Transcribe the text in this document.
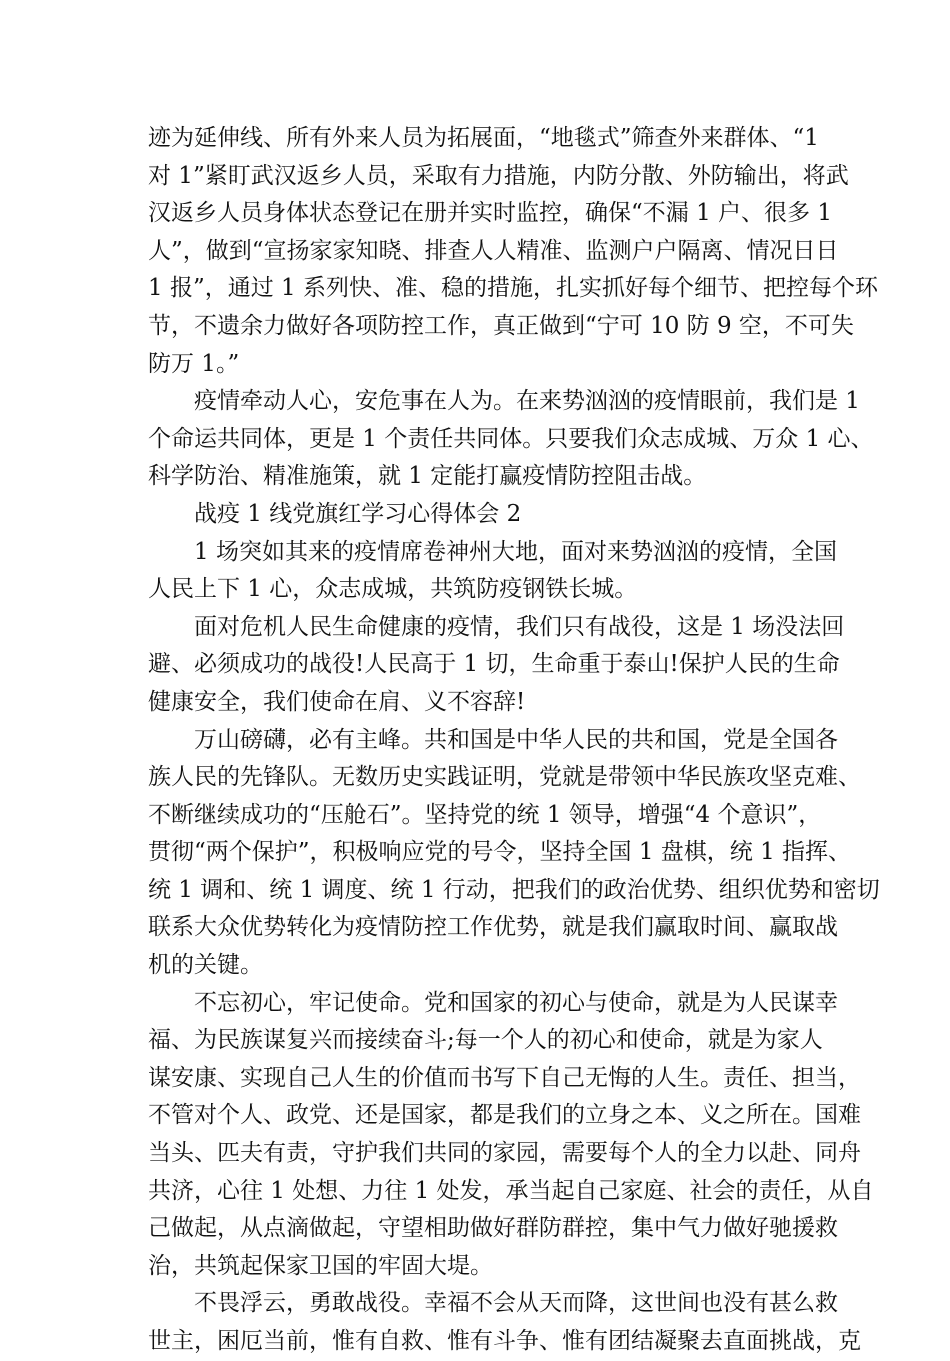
迹为延伸线、所有外来人员为拓展面，“地毯式”筛查外来群体、“1
对 1”紧盯武汉返乡人员，采取有力措施，内防分散、外防输出，将武
汉返乡人员身体状态登记在册并实时监控，确保“不漏 1 户、很多 1
人”，做到“宣扬家家知晓、排查人人精准、监测户户隔离、情况日日
1 报”，通过 1 系列快、准、稳的措施，扎实抓好每个细节、把控每个环
节，不遗余力做好各项防控工作，真正做到“宁可 10 防 9 空，不可失
防万 1。”
疫情牵动人心，安危事在人为。在来势汹汹的疫情眼前，我们是 1
个命运共同体，更是 1 个责任共同体。只要我们众志成城、万众 1 心、
科学防治、精准施策，就 1 定能打赢疫情防控阻击战。
战疫 1 线党旗红学习心得体会 2
1 场突如其来的疫情席卷神州大地，面对来势汹汹的疫情，全国
人民上下 1 心，众志成城，共筑防疫钢铁长城。
面对危机人民生命健康的疫情，我们只有战役，这是 1 场没法回
避、必须成功的战役!人民高于 1 切，生命重于泰山!保护人民的生命
健康安全，我们使命在肩、义不容辞!
万山磅礴，必有主峰。共和国是中华人民的共和国，党是全国各
族人民的先锋队。无数历史实践证明，党就是带领中华民族攻坚克难、
不断继续成功的“压舱石”。坚持党的统 1 领导，增强“4 个意识”，
贯彻“两个保护”，积极响应党的号令，坚持全国 1 盘棋，统 1 指挥、
统 1 调和、统 1 调度、统 1 行动，把我们的政治优势、组织优势和密切
联系大众优势转化为疫情防控工作优势，就是我们赢取时间、赢取战
机的关键。
不忘初心，牢记使命。党和国家的初心与使命，就是为人民谋幸
福、为民族谋复兴而接续奋斗;每一个人的初心和使命，就是为家人
谋安康、实现自己人生的价值而书写下自己无悔的人生。责任、担当，
不管对个人、政党、还是国家，都是我们的立身之本、义之所在。国难
当头、匹夫有责，守护我们共同的家园，需要每个人的全力以赴、同舟
共济，心往 1 处想、力往 1 处发，承当起自己家庭、社会的责任，从自
己做起，从点滴做起，守望相助做好群防群控，集中气力做好驰援救
治，共筑起保家卫国的牢固大堤。
不畏浮云，勇敢战役。幸福不会从天而降，这世间也没有甚么救
世主，困厄当前，惟有自救、惟有斗争、惟有团结凝聚去直面挑战，克
